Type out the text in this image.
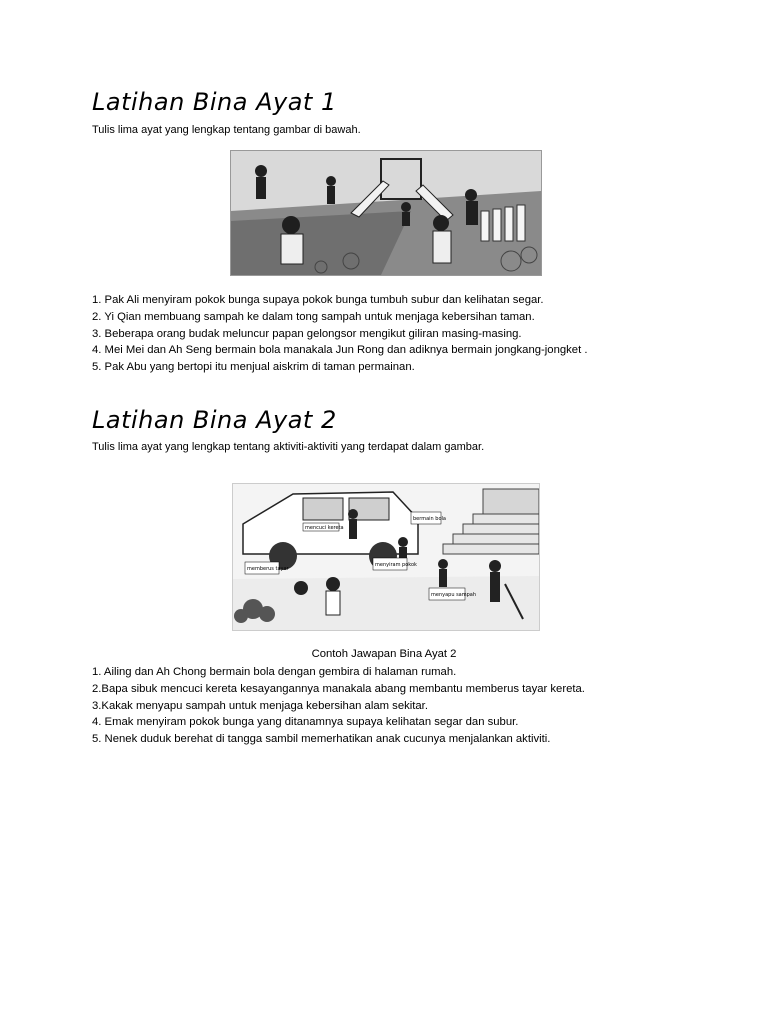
Latihan Bina Ayat 1
Tulis lima ayat yang lengkap tentang gambar di bawah.
1. Pak Ali menyiram pokok bunga supaya pokok bunga tumbuh subur dan kelihatan segar.
2. Yi Qian membuang sampah ke dalam tong sampah untuk menjaga kebersihan taman.
3. Beberapa orang budak meluncur papan gelongsor mengikut giliran masing-masing.
4. Mei Mei dan Ah Seng bermain bola manakala Jun Rong dan adiknya bermain jongkang-jongket .
5. Pak Abu yang bertopi itu menjual aiskrim di taman permainan.
Latihan Bina Ayat 2
Tulis lima ayat yang lengkap tentang aktiviti-aktiviti yang terdapat dalam gambar.
mencuci kereta
bermain bola
memberus tayar
menyiram pokok
menyapu sampah
Contoh Jawapan Bina Ayat 2
1. Ailing dan Ah Chong bermain bola dengan gembira di halaman rumah.
2.Bapa sibuk mencuci kereta kesayangannya manakala abang membantu memberus tayar kereta.
3.Kakak menyapu sampah untuk menjaga kebersihan alam sekitar.
4. Emak menyiram pokok bunga yang ditanamnya supaya kelihatan segar dan subur.
5. Nenek duduk berehat di tangga sambil memerhatikan anak cucunya menjalankan aktiviti.
